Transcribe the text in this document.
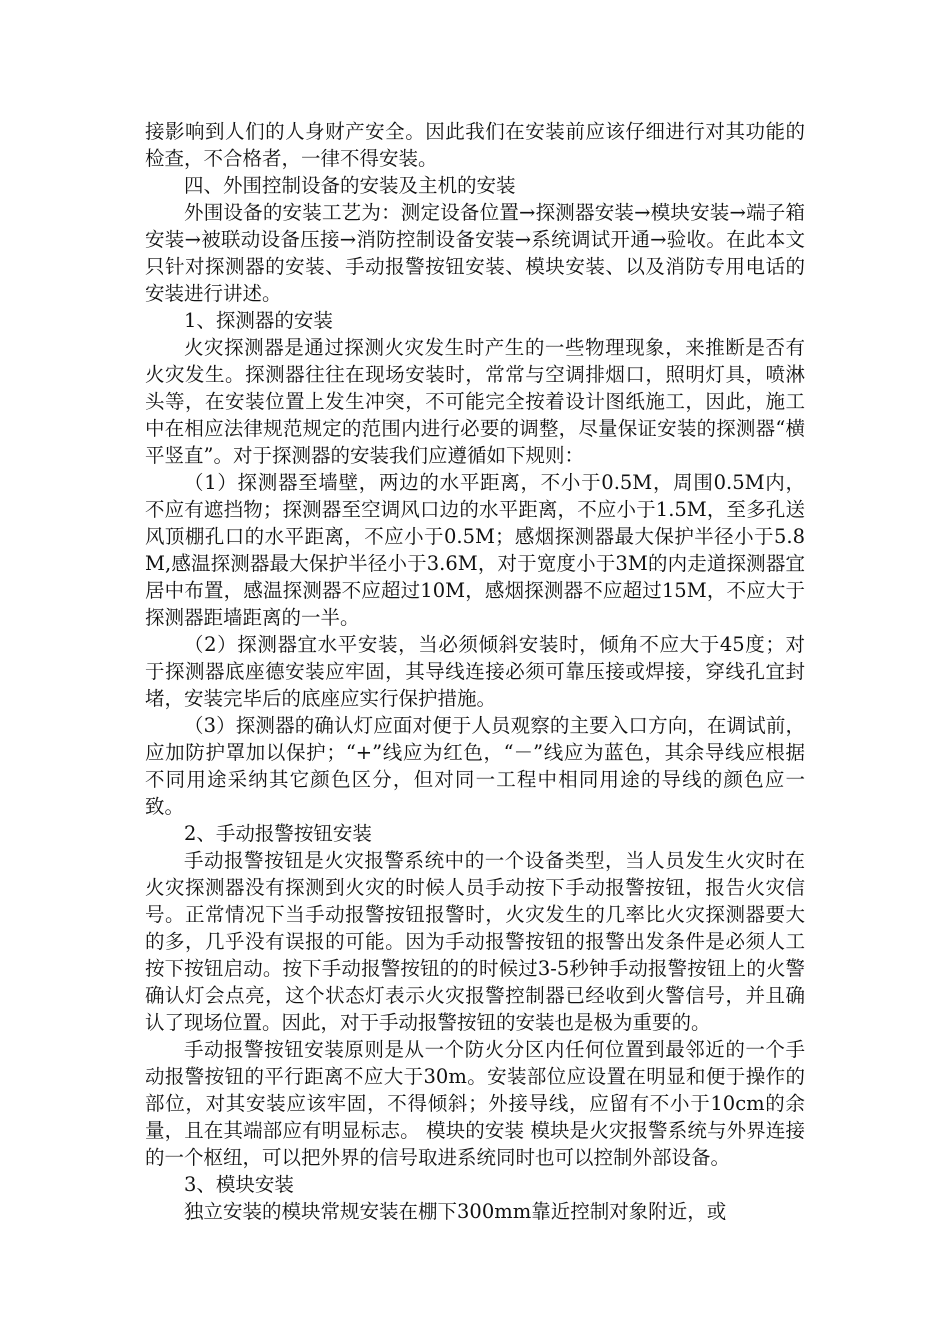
接影响到人们的人身财产安全。因此我们在安装前应该仔细进行对其功能的检查，不合格者，一律不得安装。

四、外围控制设备的安装及主机的安装

外围设备的安装工艺为：测定设备位置→探测器安装→模块安装→端子箱安装→被联动设备压接→消防控制设备安装→系统调试开通→验收。在此本文只针对探测器的安装、手动报警按钮安装、模块安装、以及消防专用电话的安装进行讲述。

1、探测器的安装

火灾探测器是通过探测火灾发生时产生的一些物理现象，来推断是否有火灾发生。探测器往往在现场安装时，常常与空调排烟口，照明灯具，喷淋头等，在安装位置上发生冲突，不可能完全按着设计图纸施工，因此，施工中在相应法律规范规定的范围内进行必要的调整，尽量保证安装的探测器“横平竖直”。对于探测器的安装我们应遵循如下规则：

（1）探测器至墙壁，两边的水平距离，不小于0.5M，周围0.5M内，不应有遮挡物；探测器至空调风口边的水平距离，不应小于1.5M，至多孔送风顶棚孔口的水平距离，不应小于0.5M；感烟探测器最大保护半径小于5.8M,感温探测器最大保护半径小于3.6M，对于宽度小于3M的内走道探测器宜居中布置，感温探测器不应超过10M，感烟探测器不应超过15M，不应大于探测器距墙距离的一半。

（2）探测器宜水平安装，当必须倾斜安装时，倾角不应大于45度；对于探测器底座德安装应牢固，其导线连接必须可靠压接或焊接，穿线孔宜封堵，安装完毕后的底座应实行保护措施。

（3）探测器的确认灯应面对便于人员观察的主要入口方向，在调试前，应加防护罩加以保护；“+”线应为红色，“－”线应为蓝色，其余导线应根据不同用途采纳其它颜色区分，但对同一工程中相同用途的导线的颜色应一致。

2、手动报警按钮安装

手动报警按钮是火灾报警系统中的一个设备类型，当人员发生火灾时在火灾探测器没有探测到火灾的时候人员手动按下手动报警按钮，报告火灾信号。正常情况下当手动报警按钮报警时，火灾发生的几率比火灾探测器要大的多，几乎没有误报的可能。因为手动报警按钮的报警出发条件是必须人工按下按钮启动。按下手动报警按钮的的时候过3-5秒钟手动报警按钮上的火警确认灯会点亮，这个状态灯表示火灾报警控制器已经收到火警信号，并且确认了现场位置。因此，对于手动报警按钮的安装也是极为重要的。

手动报警按钮安装原则是从一个防火分区内任何位置到最邻近的一个手动报警按钮的平行距离不应大于30m。安装部位应设置在明显和便于操作的部位，对其安装应该牢固，不得倾斜；外接导线，应留有不小于10cm的余量，且在其端部应有明显标志。 模块的安装 模块是火灾报警系统与外界连接的一个枢纽，可以把外界的信号取进系统同时也可以控制外部设备。

3、模块安装

独立安装的模块常规安装在棚下300mm靠近控制对象附近，或
